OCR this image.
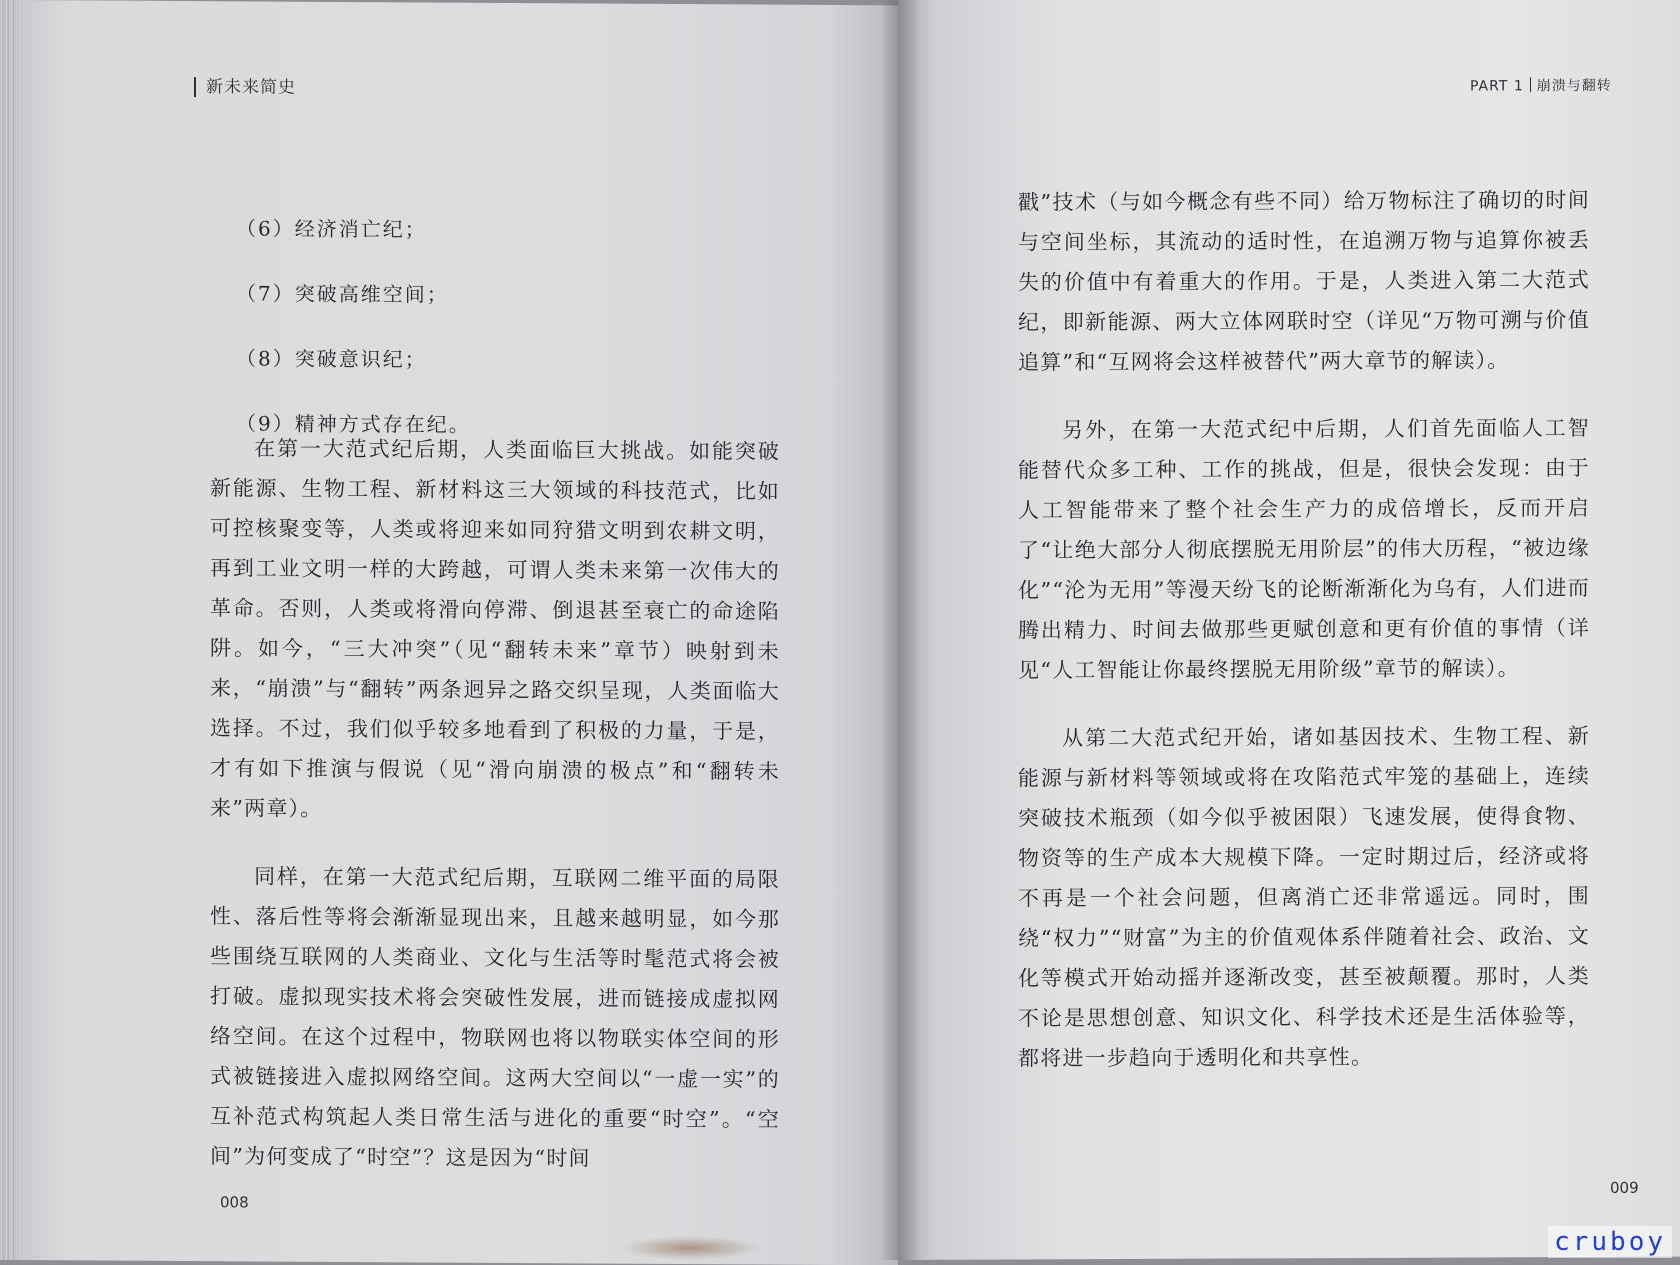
新未来简史
（6）经济消亡纪；
（7）突破高维空间；
（8）突破意识纪；
（9）精神方式存在纪。

在第一大范式纪后期，人类面临巨大挑战。如能突破新能源、生物工程、新材料这三大领域的科技范式，比如可控核聚变等，人类或将迎来如同狩猎文明到农耕文明，再到工业文明一样的大跨越，可谓人类未来第一次伟大的革命。否则，人类或将滑向停滞、倒退甚至衰亡的命途陷阱。如今，“三大冲突”（见“翻转未来”章节）映射到未来，“崩溃”与“翻转”两条迥异之路交织呈现，人类面临大选择。不过，我们似乎较多地看到了积极的力量，于是，才有如下推演与假说（见“滑向崩溃的极点”和“翻转未来”两章）。

同样，在第一大范式纪后期，互联网二维平面的局限性、落后性等将会渐渐显现出来，且越来越明显，如今那些围绕互联网的人类商业、文化与生活等时髦范式将会被打破。虚拟现实技术将会突破性发展，进而链接成虚拟网络空间。在这个过程中，物联网也将以物联实体空间的形式被链接进入虚拟网络空间。这两大空间以“一虚一实”的互补范式构筑起人类日常生活与进化的重要“时空”。“空间”为何变成了“时空”？这是因为“时间

008
PART 1 崩溃与翻转

戳”技术（与如今概念有些不同）给万物标注了确切的时间与空间坐标，其流动的适时性，在追溯万物与追算你被丢失的价值中有着重大的作用。于是，人类进入第二大范式纪，即新能源、两大立体网联时空（详见“万物可溯与价值追算”和“互网将会这样被替代”两大章节的解读）。

另外，在第一大范式纪中后期，人们首先面临人工智能替代众多工种、工作的挑战，但是，很快会发现：由于人工智能带来了整个社会生产力的成倍增长，反而开启了“让绝大部分人彻底摆脱无用阶层”的伟大历程，“被边缘化”“沦为无用”等漫天纷飞的论断渐渐化为乌有，人们进而腾出精力、时间去做那些更赋创意和更有价值的事情（详见“人工智能让你最终摆脱无用阶级”章节的解读）。

从第二大范式纪开始，诸如基因技术、生物工程、新能源与新材料等领域或将在攻陷范式牢笼的基础上，连续突破技术瓶颈（如今似乎被困限）飞速发展，使得食物、物资等的生产成本大规模下降。一定时期过后，经济或将不再是一个社会问题，但离消亡还非常遥远。同时，围绕“权力”“财富”为主的价值观体系伴随着社会、政治、文化等模式开始动摇并逐渐改变，甚至被颠覆。那时，人类不论是思想创意、知识文化、科学技术还是生活体验等，都将进一步趋向于透明化和共享性。

009
cruboy
